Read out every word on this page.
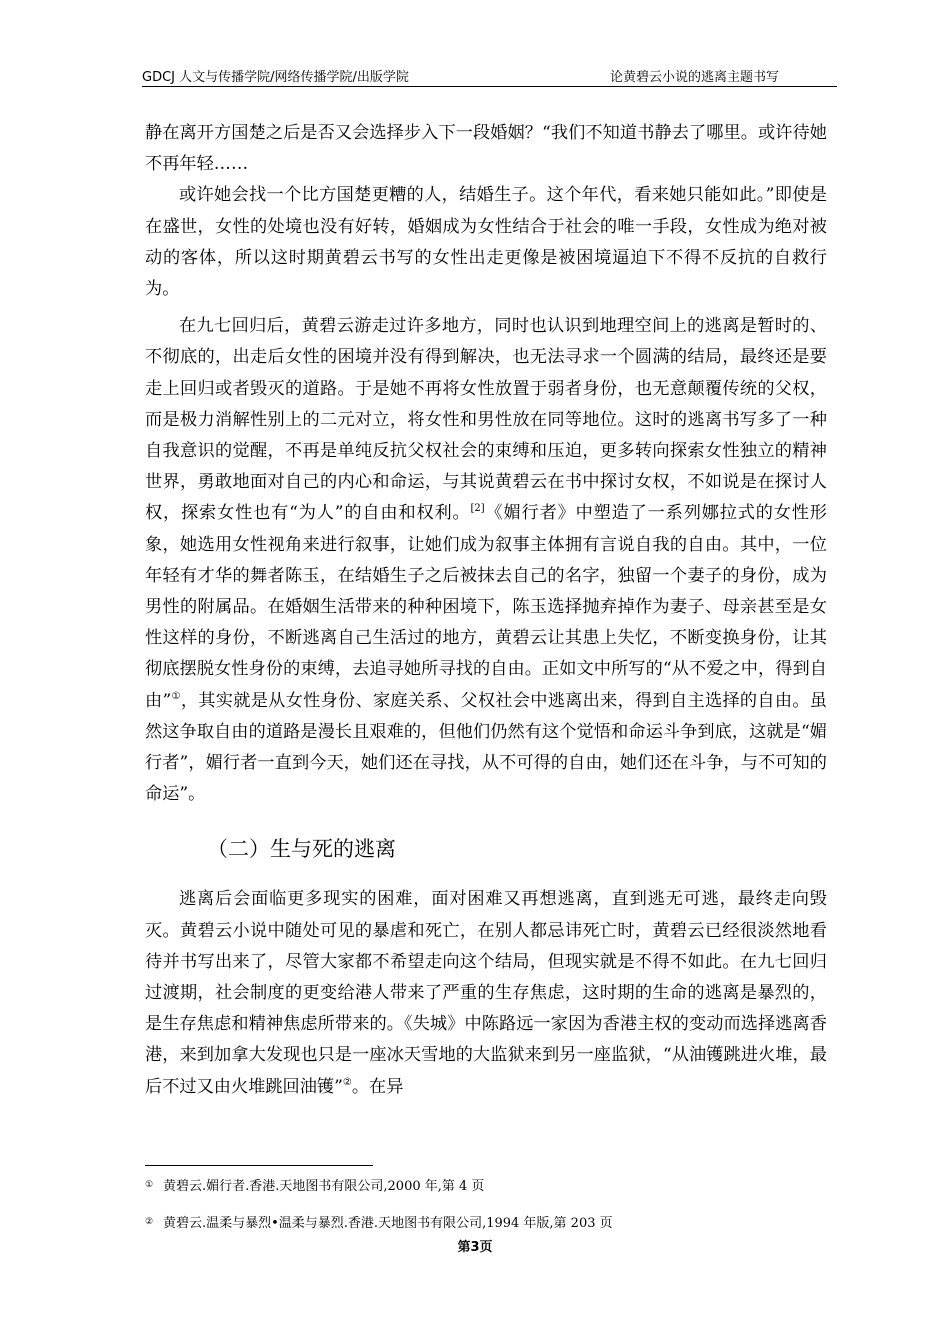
GDCJ 人文与传播学院/网络传播学院/出版学院	论黄碧云小说的逃离主题书写

静在离开方国楚之后是否又会选择步入下一段婚姻？“我们不知道书静去了哪里。或许待她不再年轻……

或许她会找一个比方国楚更糟的人，结婚生子。这个年代，看来她只能如此。”即使是在盛世，女性的处境也没有好转，婚姻成为女性结合于社会的唯一手段，女性成为绝对被动的客体，所以这时期黄碧云书写的女性出走更像是被困境逼迫下不得不反抗的自救行为。

在九七回归后，黄碧云游走过许多地方，同时也认识到地理空间上的逃离是暂时的、不彻底的，出走后女性的困境并没有得到解决，也无法寻求一个圆满的结局，最终还是要走上回归或者毁灭的道路。于是她不再将女性放置于弱者身份，也无意颠覆传统的父权，而是极力消解性别上的二元对立，将女性和男性放在同等地位。这时的逃离书写多了一种自我意识的觉醒，不再是单纯反抗父权社会的束缚和压迫，更多转向探索女性独立的精神世界，勇敢地面对自己的内心和命运，与其说黄碧云在书中探讨女权，不如说是在探讨人权，探索女性也有“为人”的自由和权利。[2]《媚行者》中塑造了一系列娜拉式的女性形象，她选用女性视角来进行叙事，让她们成为叙事主体拥有言说自我的自由。其中，一位年轻有才华的舞者陈玉，在结婚生子之后被抹去自己的名字，独留一个妻子的身份，成为男性的附属品。在婚姻生活带来的种种困境下，陈玉选择抛弃掉作为妻子、母亲甚至是女性这样的身份，不断逃离自己生活过的地方，黄碧云让其患上失忆，不断变换身份，让其彻底摆脱女性身份的束缚，去追寻她所寻找的自由。正如文中所写的“从不爱之中，得到自由”①，其实就是从女性身份、家庭关系、父权社会中逃离出来，得到自主选择的自由。虽然这争取自由的道路是漫长且艰难的，但他们仍然有这个觉悟和命运斗争到底，这就是“媚行者”，媚行者一直到今天，她们还在寻找，从不可得的自由，她们还在斗争，与不可知的命运”。

（二）生与死的逃离

逃离后会面临更多现实的困难，面对困难又再想逃离，直到逃无可逃，最终走向毁灭。黄碧云小说中随处可见的暴虐和死亡，在别人都忌讳死亡时，黄碧云已经很淡然地看待并书写出来了，尽管大家都不希望走向这个结局，但现实就是不得不如此。在九七回归过渡期，社会制度的更变给港人带来了严重的生存焦虑，这时期的生命的逃离是暴烈的，是生存焦虑和精神焦虑所带来的。《失城》中陈路远一家因为香港主权的变动而选择逃离香港，来到加拿大发现也只是一座冰天雪地的大监狱来到另一座监狱，“从油镬跳进火堆，最后不过又由火堆跳回油镬”②。在异

① 黄碧云.媚行者.香港.天地图书有限公司,2000 年,第 4 页
② 黄碧云.温柔与暴烈•温柔与暴烈.香港.天地图书有限公司,1994 年版,第 203 页
第3页
